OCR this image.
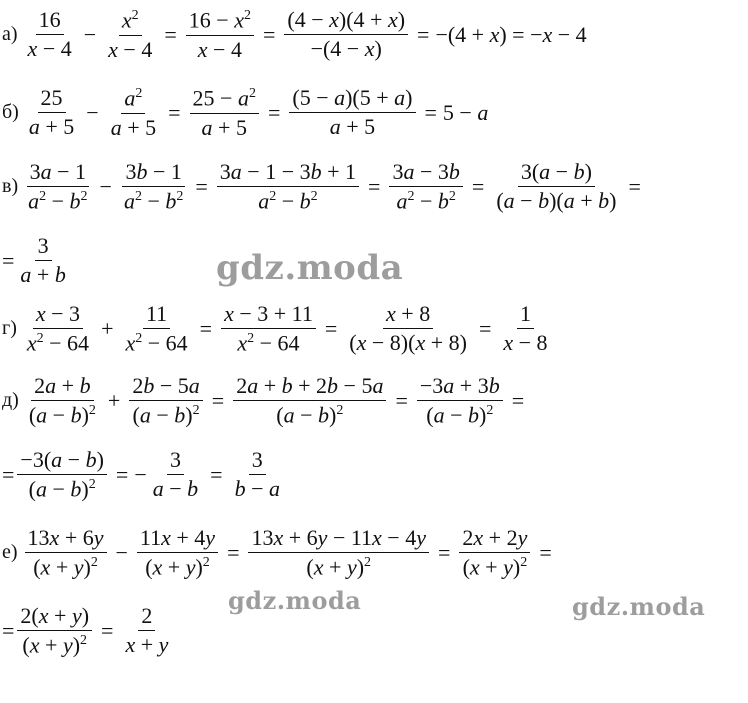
$а) \frac{16}{x - 4} - \frac{x^2}{x - 4} = \frac{16 - x^2}{x - 4} = \frac{(4 - x)(4 + x)}{-(4 - x)} = -(4 + x) = -x - 4$
$б) \frac{25}{a + 5} - \frac{a^2}{a + 5} = \frac{25 - a^2}{a + 5} = \frac{(5 - a)(5 + a)}{a + 5} = 5 - a$
$в) \frac{3a - 1}{a^2 - b^2} - \frac{3b - 1}{a^2 - b^2} = \frac{3a - 1 - 3b + 1}{a^2 - b^2} = \frac{3a - 3b}{a^2 - b^2} = \frac{3(a - b)}{(a - b)(a + b)}$ =
= $\frac{3}{a + b}$
$г) \frac{x - 3}{x^2 - 64} + \frac{11}{x^2 - 64} = \frac{x - 3 + 11}{x^2 - 64} = \frac{x + 8}{(x - 8)(x + 8)} = \frac{1}{x - 8}$
$д) \frac{2a + b}{(a - b)^2} + \frac{2b - 5a}{(a - b)^2} = \frac{2a + b + 2b - 5a}{(a - b)^2} = \frac{-3a + 3b}{(a - b)^2}$ =
= $\frac{-3(a - b)}{(a - b)^2}$ = − $\frac{3}{a - b} = \frac{3}{b - a}$
$е) \frac{13x + 6y}{(x + y)^2} - \frac{11x + 4y}{(x + y)^2} = \frac{13x + 6y - 11x - 4y}{(x + y)^2} = \frac{2x + 2y}{(x + y)^2}$ =
= $\frac{2(x + y)}{(x + y)^2} = \frac{2}{x + y}$
gdz.moda
gdz.moda	gdz.moda
